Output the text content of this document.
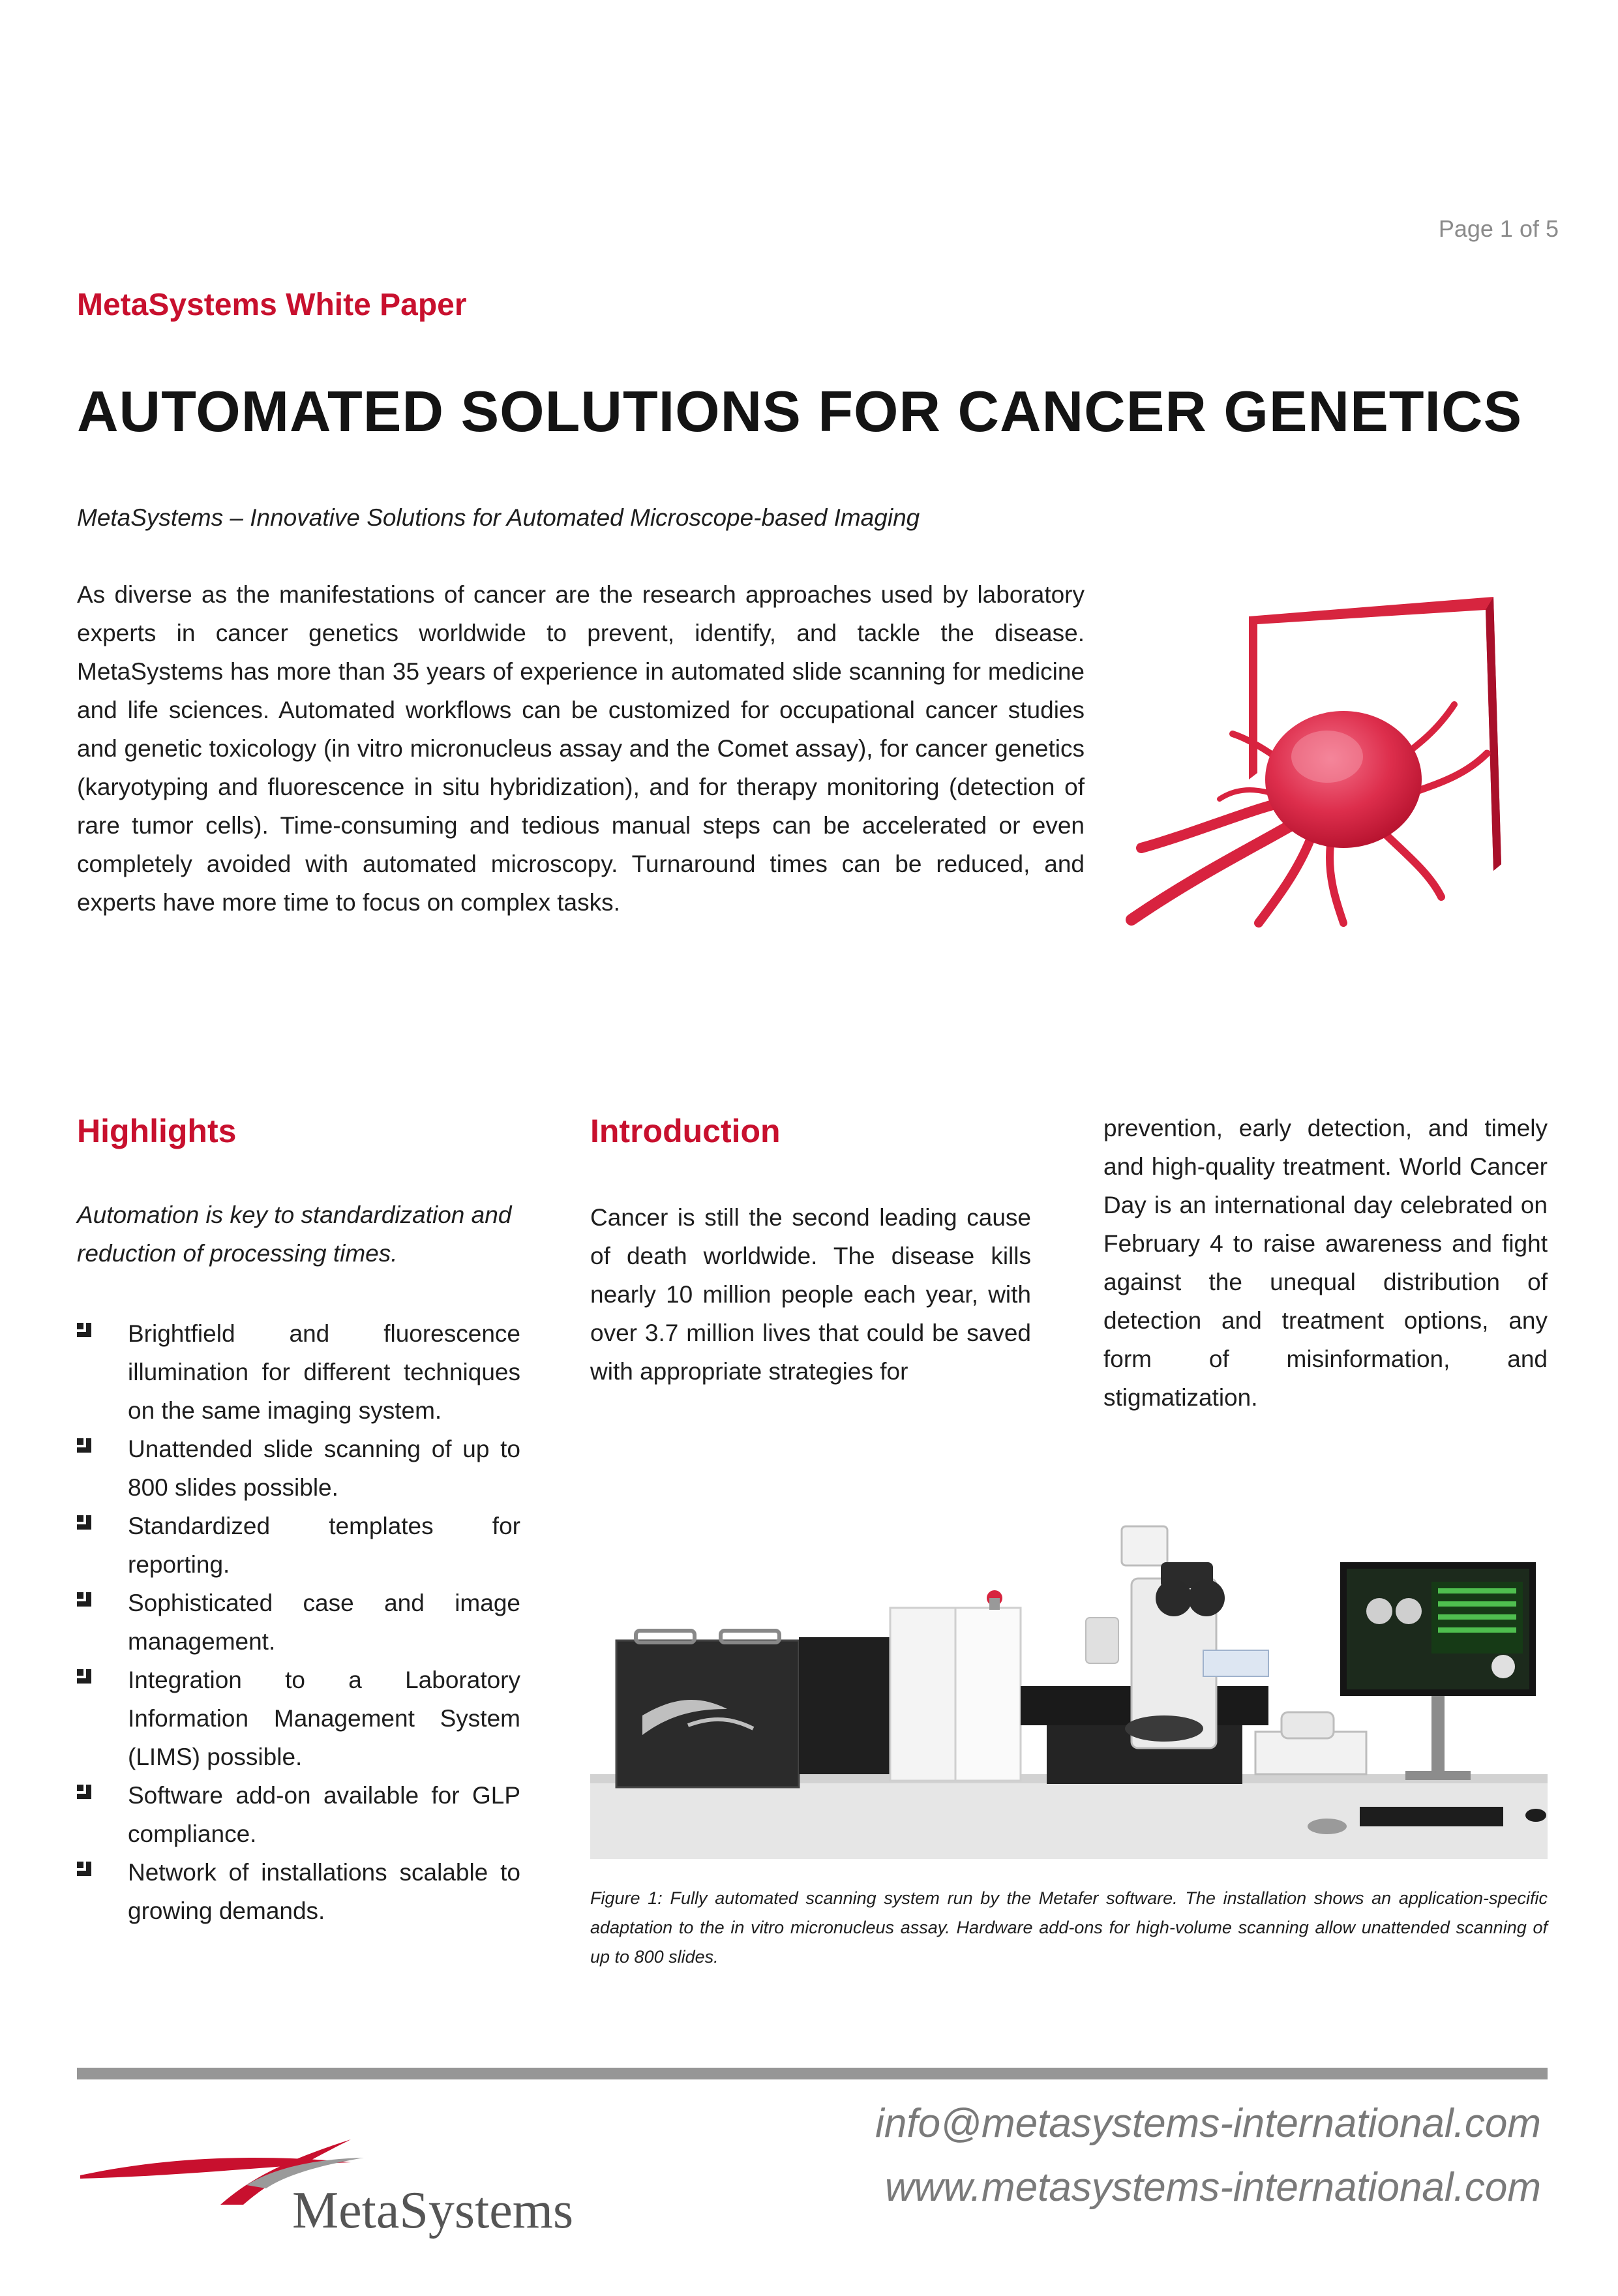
Page 1 of 5
MetaSystems White Paper
AUTOMATED SOLUTIONS FOR CANCER GENETICS
MetaSystems – Innovative Solutions for Automated Microscope-based Imaging
As diverse as the manifestations of cancer are the research approaches used by laboratory experts in cancer genetics worldwide to prevent, identify, and tackle the disease. MetaSystems has more than 35 years of experience in automated slide scanning for medicine and life sciences. Automated workflows can be customized for occupational cancer studies and genetic toxicology (in vitro micronucleus assay and the Comet assay), for cancer genetics (karyotyping and fluorescence in situ hybridization), and for therapy monitoring (detection of rare tumor cells). Time-consuming and tedious manual steps can be accelerated or even completely avoided with automated microscopy. Turnaround times can be reduced, and experts have more time to focus on complex tasks.
Highlights
Automation is key to standardization and reduction of processing times.
Brightfield and fluorescence illumination for different techniques on the same imaging system.
Unattended slide scanning of up to 800 slides possible.
Standardized templates for reporting.
Sophisticated case and image management.
Integration to a Laboratory Information Management System (LIMS) possible.
Software add-on available for GLP compliance.
Network of installations scalable to growing demands.
Introduction
Cancer is still the second leading cause of death worldwide. The disease kills nearly 10 million people each year, with over 3.7 million lives that could be saved with appropriate strategies for
prevention, early detection, and timely and high-quality treatment. World Cancer Day is an international day celebrated on February 4 to raise awareness and fight against the unequal distribution of detection and treatment options, any form of misinformation, and stigmatization.
Figure 1: Fully automated scanning system run by the Metafer software. The installation shows an application-specific adaptation to the in vitro micronucleus assay. Hardware add-ons for high-volume scanning allow unattended scanning of up to 800 slides.
MetaSystems
info@metasystems-international.com
www.metasystems-international.com
